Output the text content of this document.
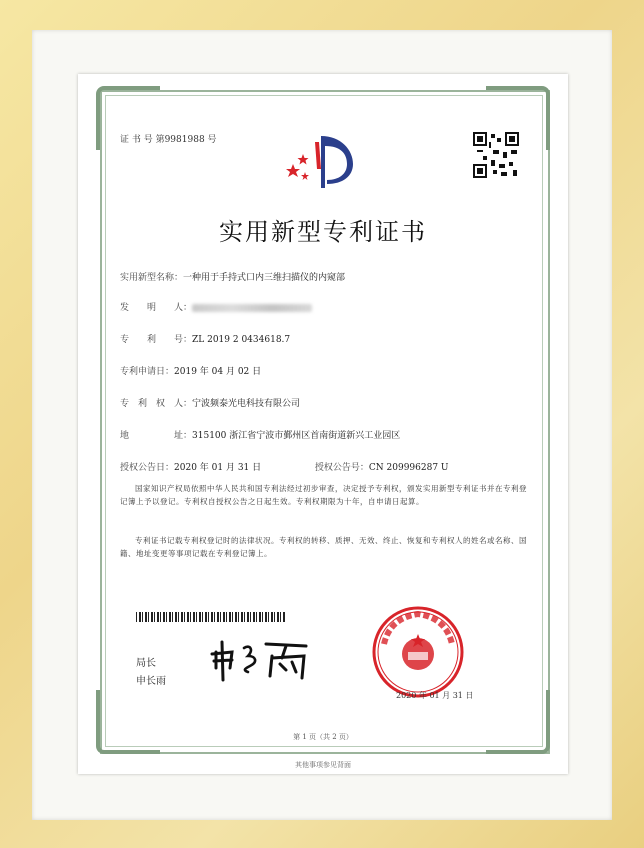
证 书 号 第9981988 号
实用新型专利证书
实用新型名称：一种用于手持式口内三维扫描仪的内窥部
发　　明　　人：
专　　利　　号：ZL 2019 2 0434618.7
专利申请日：2019 年 04 月 02 日
专　利　权　人：宁波频泰光电科技有限公司
地　　　　　址：315100 浙江省宁波市鄞州区首南街道新兴工业园区
授权公告日：2020 年 01 月 31 日	授权公告号：CN 209996287 U
国家知识产权局依照中华人民共和国专利法经过初步审查，决定授予专利权，颁发实用新型专利证书并在专利登记簿上予以登记。专利权自授权公告之日起生效。专利权期限为十年，自申请日起算。
专利证书记载专利权登记时的法律状况。专利权的转移、质押、无效、终止、恢复和专利权人的姓名或名称、国籍、地址变更等事项记载在专利登记簿上。
局长
申长雨
2020 年 01 月 31 日
第 1 页（共 2 页）
其他事项参见背面
